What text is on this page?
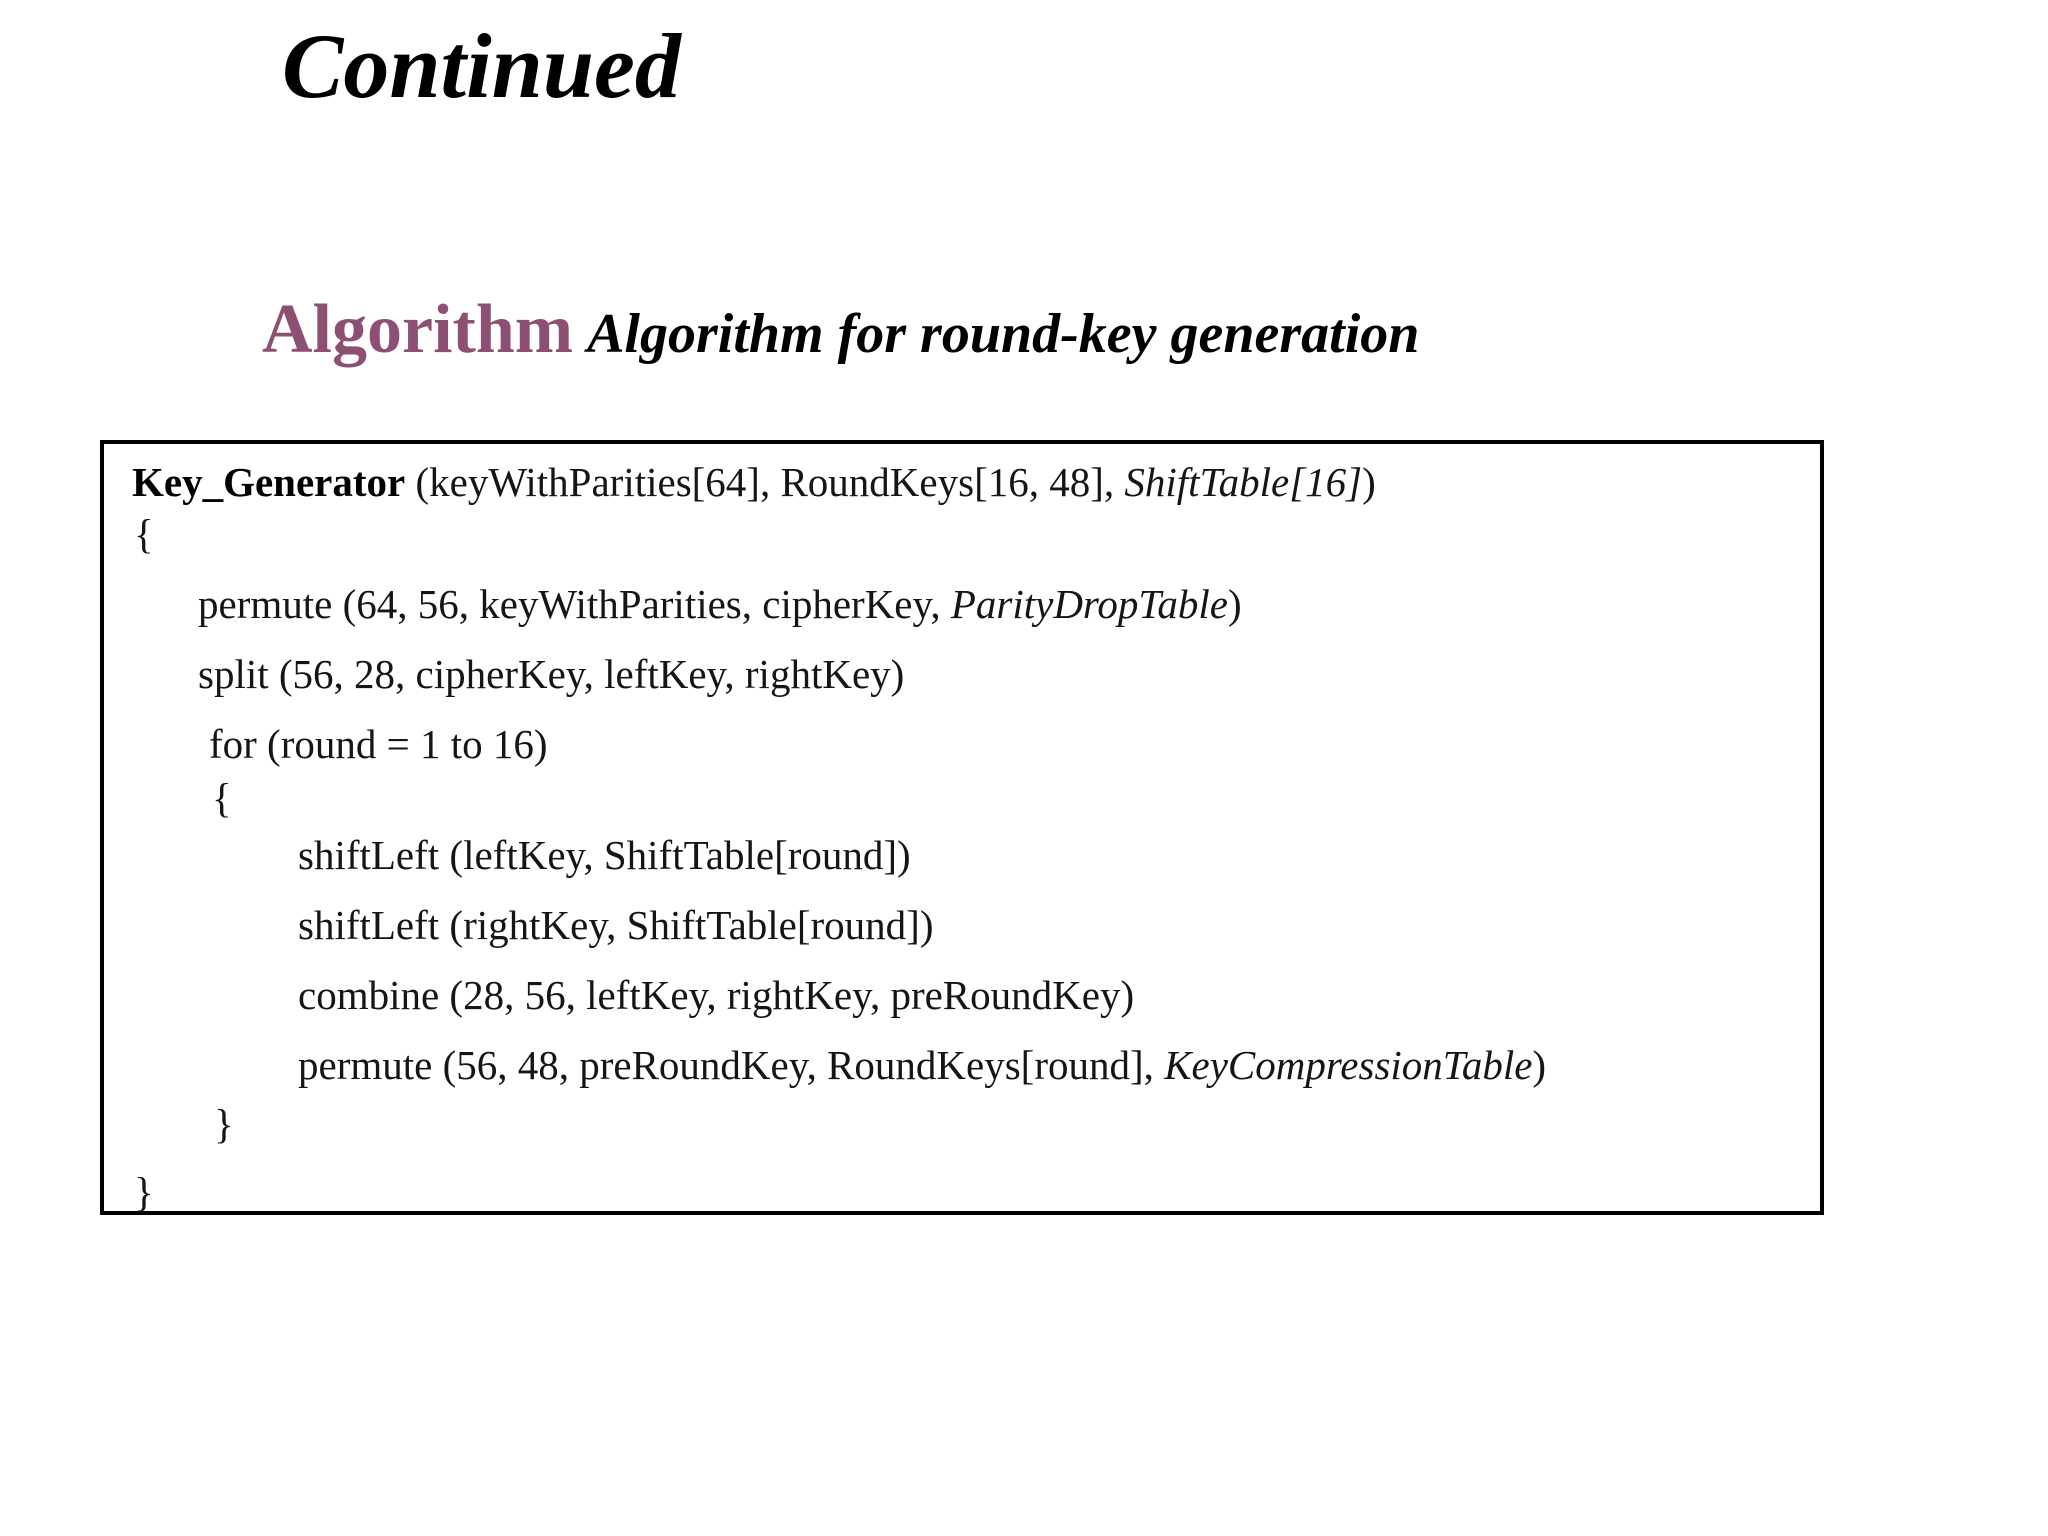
Continued
Algorithm Algorithm for round-key generation
Key_Generator (keyWithParities[64], RoundKeys[16, 48], ShiftTable[16])
{
permute (64, 56, keyWithParities, cipherKey, ParityDropTable)
split (56, 28, cipherKey, leftKey, rightKey)
for (round = 1 to 16)
{
shiftLeft (leftKey, ShiftTable[round])
shiftLeft (rightKey, ShiftTable[round])
combine (28, 56, leftKey, rightKey, preRoundKey)
permute (56, 48, preRoundKey, RoundKeys[round], KeyCompressionTable)
}
}
